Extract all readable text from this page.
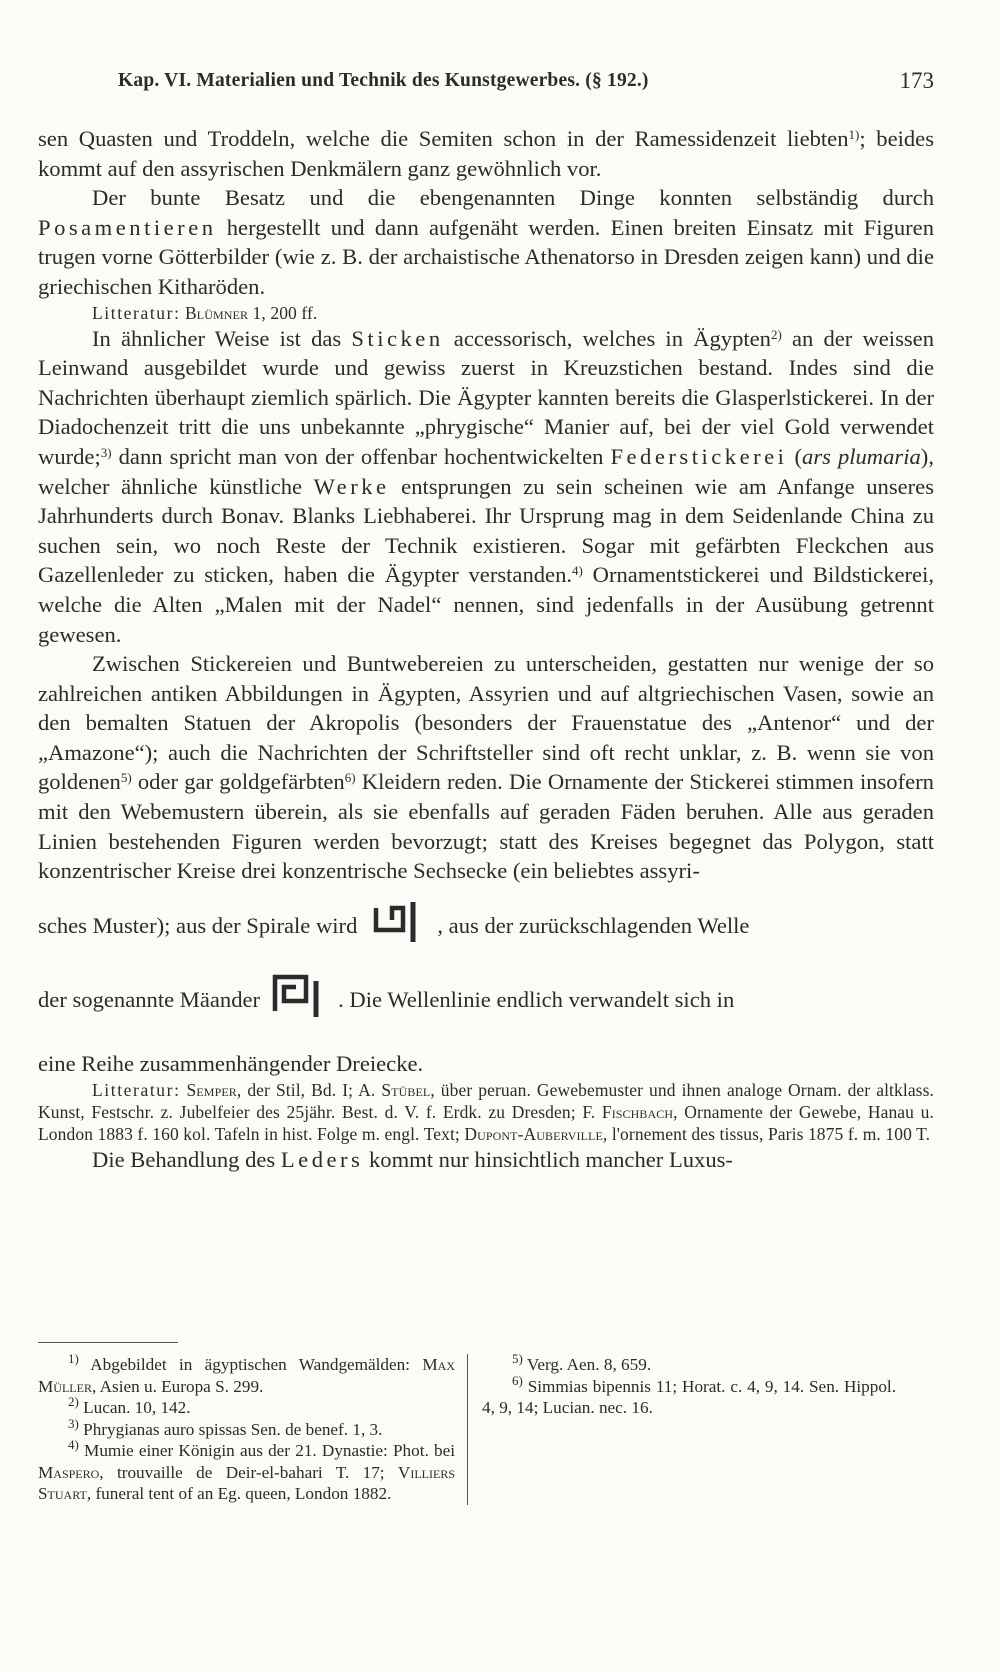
Kap. VI. Materialien und Technik des Kunstgewerbes. (§ 192.)	173

sen Quasten und Troddeln, welche die Semiten schon in der Ramessidenzeit liebten$^{1)}$; beides kommt auf den assyrischen Denkmälern ganz gewöhnlich vor.

Der bunte Besatz und die ebengenannten Dinge konnten selbständig durch Posamentieren hergestellt und dann aufgenäht werden. Einen breiten Einsatz mit Figuren trugen vorne Götterbilder (wie z. B. der archaistische Athenatorso in Dresden zeigen kann) und die griechischen Kitharöden.

Litteratur: Blümner 1, 200 ff.

In ähnlicher Weise ist das Sticken accessorisch, welches in Ägypten$^{2)}$ an der weissen Leinwand ausgebildet wurde und gewiss zuerst in Kreuzstichen bestand. Indes sind die Nachrichten überhaupt ziemlich spärlich. Die Ägypter kannten bereits die Glasperlstickerei. In der Diadochenzeit tritt die uns unbekannte „phrygische“ Manier auf, bei der viel Gold verwendet wurde;$^{3)}$ dann spricht man von der offenbar hochentwickelten Federstickerei (ars plumaria), welcher ähnliche künstliche Werke entsprungen zu sein scheinen wie am Anfange unseres Jahrhunderts durch Bonav. Blanks Liebhaberei. Ihr Ursprung mag in dem Seidenlande China zu suchen sein, wo noch Reste der Technik existieren. Sogar mit gefärbten Fleckchen aus Gazellenleder zu sticken, haben die Ägypter verstanden.$^{4)}$ Ornamentstickerei und Bildstickerei, welche die Alten „Malen mit der Nadel“ nennen, sind jedenfalls in der Ausübung getrennt gewesen.

Zwischen Stickereien und Buntwebereien zu unterscheiden, gestatten nur wenige der so zahlreichen antiken Abbildungen in Ägypten, Assyrien und auf altgriechischen Vasen, sowie an den bemalten Statuen der Akropolis (besonders der Frauenstatue des „Antenor“ und der „Amazone“); auch die Nachrichten der Schriftsteller sind oft recht unklar, z. B. wenn sie von goldenen$^{5)}$ oder gar goldgefärbten$^{6)}$ Kleidern reden. Die Ornamente der Stickerei stimmen insofern mit den Webemustern überein, als sie ebenfalls auf geraden Fäden beruhen. Alle aus geraden Linien bestehenden Figuren werden bevorzugt; statt des Kreises begegnet das Polygon, statt konzentrischer Kreise drei konzentrische Sechsecke (ein beliebtes assyri-

sches Muster); aus der Spirale wird	, aus der zurückschlagenden Welle

der sogenannte Mäander	. Die Wellenlinie endlich verwandelt sich in

eine Reihe zusammenhängender Dreiecke.

Litteratur: Semper, der Stil, Bd. I; A. Stübel, über peruan. Gewebemuster und ihnen analoge Ornam. der altklass. Kunst, Festschr. z. Jubelfeier des 25jähr. Best. d. V. f. Erdk. zu Dresden; F. Fischbach, Ornamente der Gewebe, Hanau u. London 1883 f. 160 kol. Tafeln in hist. Folge m. engl. Text; Dupont-Auberville, l'ornement des tissus, Paris 1875 f. m. 100 T.

Die Behandlung des Leders kommt nur hinsichtlich mancher Luxus-

$^{1)}$ Abgebildet in ägyptischen Wandgemälden: Max Müller, Asien u. Europa S. 299.

$^{2)}$ Lucan. 10, 142.

$^{3)}$ Phrygianas auro spissas Sen. de benef. 1, 3.

$^{4)}$ Mumie einer Königin aus der 21. Dynastie: Phot. bei Maspero, trouvaille de Deir-el-bahari T. 17; Villiers Stuart, funeral tent of an Eg. queen, London 1882.

$^{5)}$ Verg. Aen. 8, 659.

$^{6)}$ Simmias bipennis 11; Horat. c. 4, 9, 14. Sen. Hippol. 4, 9, 14; Lucian. nec. 16.
